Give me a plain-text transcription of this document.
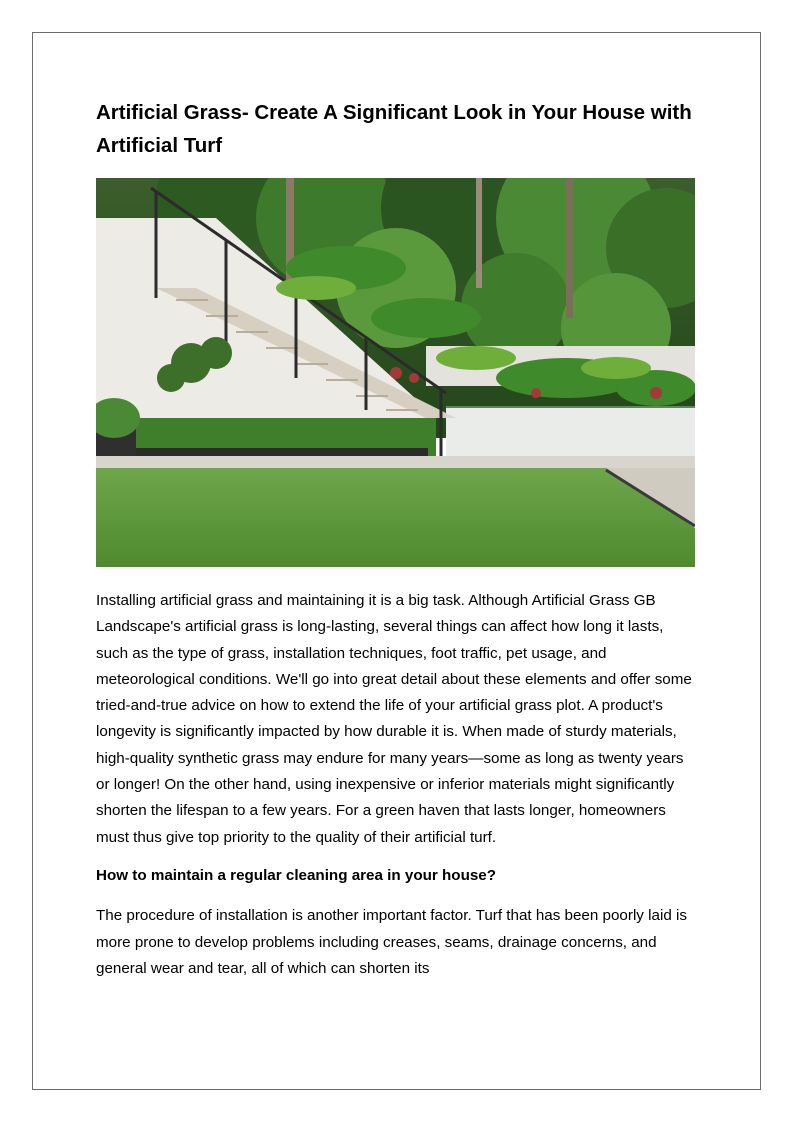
Artificial Grass- Create A Significant Look in Your House with Artificial Turf

Installing artificial grass and maintaining it is a big task. Although Artificial Grass GB Landscape's artificial grass is long-lasting, several things can affect how long it lasts, such as the type of grass, installation techniques, foot traffic, pet usage, and meteorological conditions. We'll go into great detail about these elements and offer some tried-and-true advice on how to extend the life of your artificial grass plot. A product's longevity is significantly impacted by how durable it is. When made of sturdy materials, high-quality synthetic grass may endure for many years—some as long as twenty years or longer! On the other hand, using inexpensive or inferior materials might significantly shorten the lifespan to a few years. For a green haven that lasts longer, homeowners must thus give top priority to the quality of their artificial turf.

How to maintain a regular cleaning area in your house?

The procedure of installation is another important factor. Turf that has been poorly laid is more prone to develop problems including creases, seams, drainage concerns, and general wear and tear, all of which can shorten its
